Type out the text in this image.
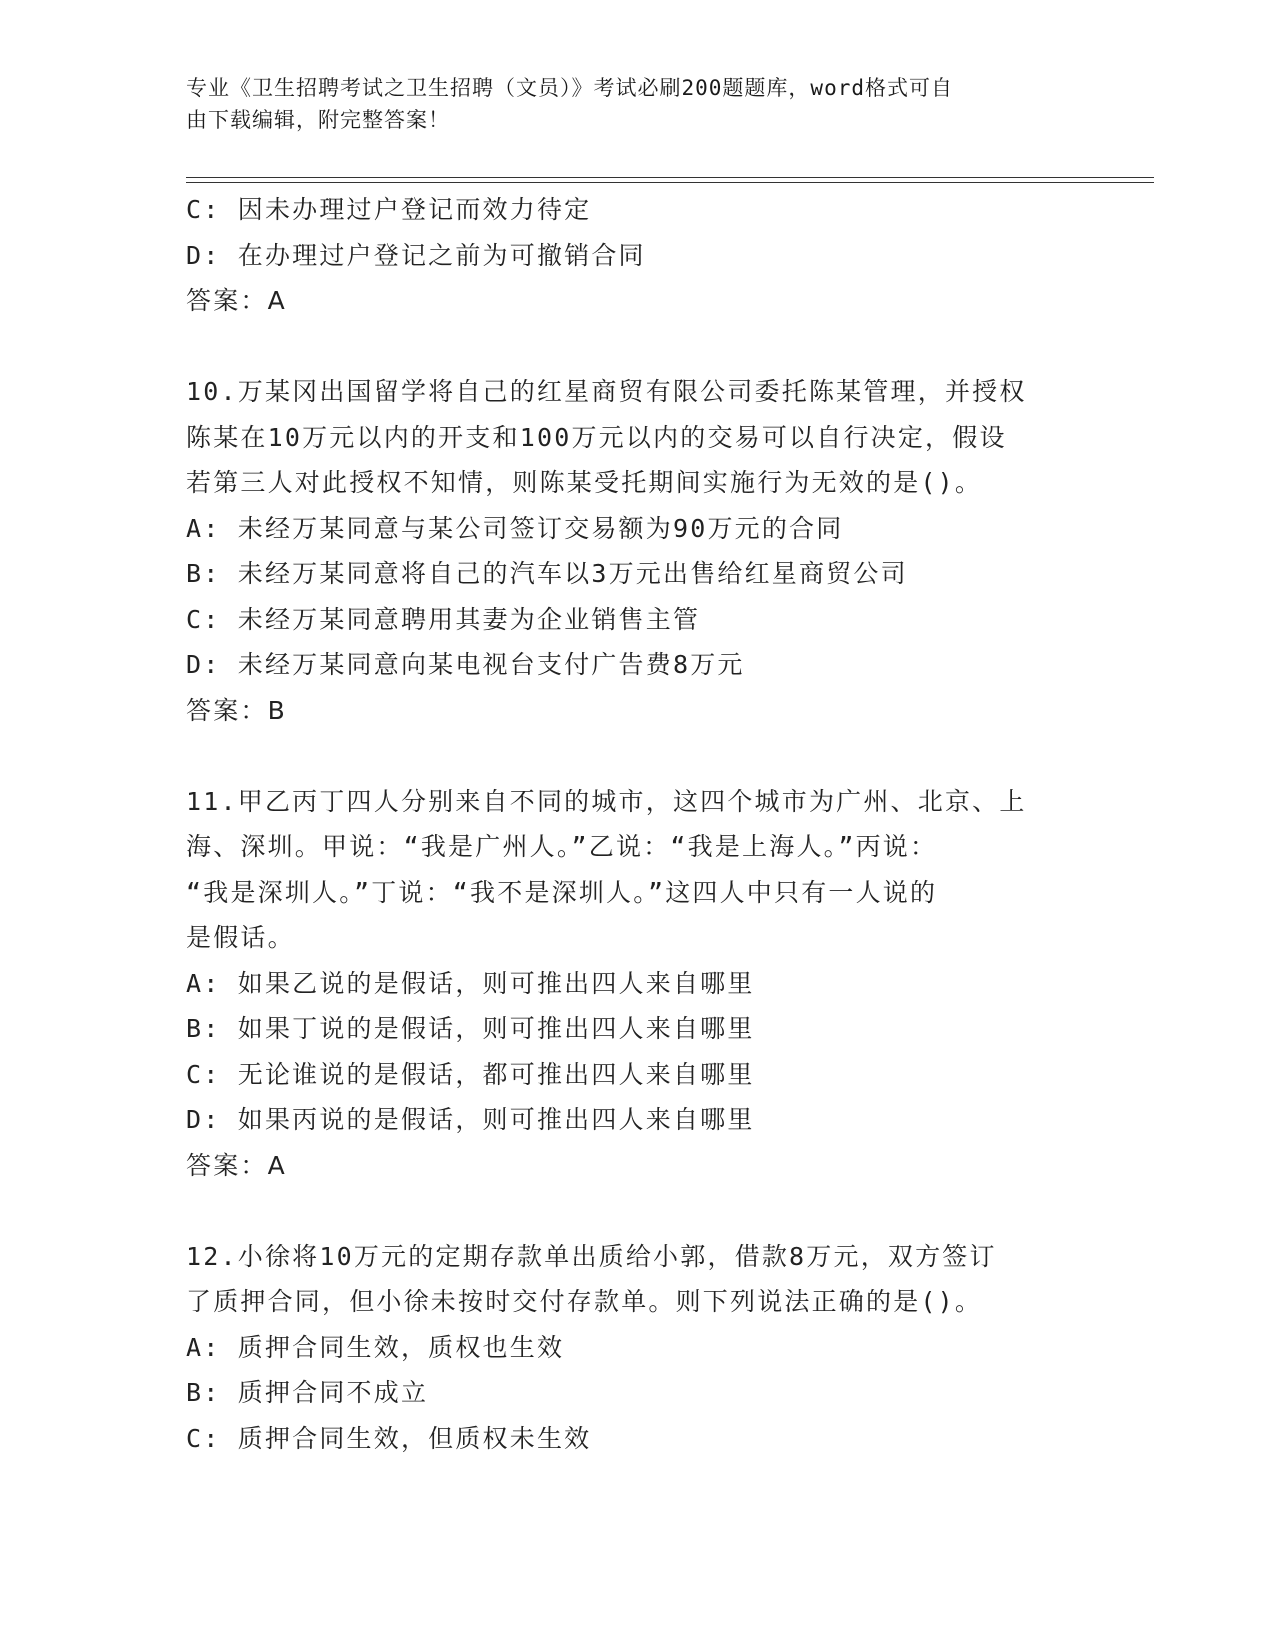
专业《卫生招聘考试之卫生招聘（文员）》考试必刷200题题库，word格式可自
由下载编辑，附完整答案！
C: 因未办理过户登记而效力待定
D: 在办理过户登记之前为可撤销合同
答案：A
10.万某冈出国留学将自己的红星商贸有限公司委托陈某管理，并授权
陈某在10万元以内的开支和100万元以内的交易可以自行决定，假设
若第三人对此授权不知情，则陈某受托期间实施行为无效的是()。
A: 未经万某同意与某公司签订交易额为90万元的合同
B: 未经万某同意将自己的汽车以3万元出售给红星商贸公司
C: 未经万某同意聘用其妻为企业销售主管
D: 未经万某同意向某电视台支付广告费8万元
答案：B
11.甲乙丙丁四人分别来自不同的城市，这四个城市为广州、北京、上
海、深圳。甲说：“我是广州人。”乙说：“我是上海人。”丙说：
“我是深圳人。”丁说：“我不是深圳人。”这四人中只有一人说的
是假话。
A: 如果乙说的是假话，则可推出四人来自哪里
B: 如果丁说的是假话，则可推出四人来自哪里
C: 无论谁说的是假话，都可推出四人来自哪里
D: 如果丙说的是假话，则可推出四人来自哪里
答案：A
12.小徐将10万元的定期存款单出质给小郭，借款8万元，双方签订
了质押合同，但小徐未按时交付存款单。则下列说法正确的是()。
A: 质押合同生效，质权也生效
B: 质押合同不成立
C: 质押合同生效，但质权未生效
